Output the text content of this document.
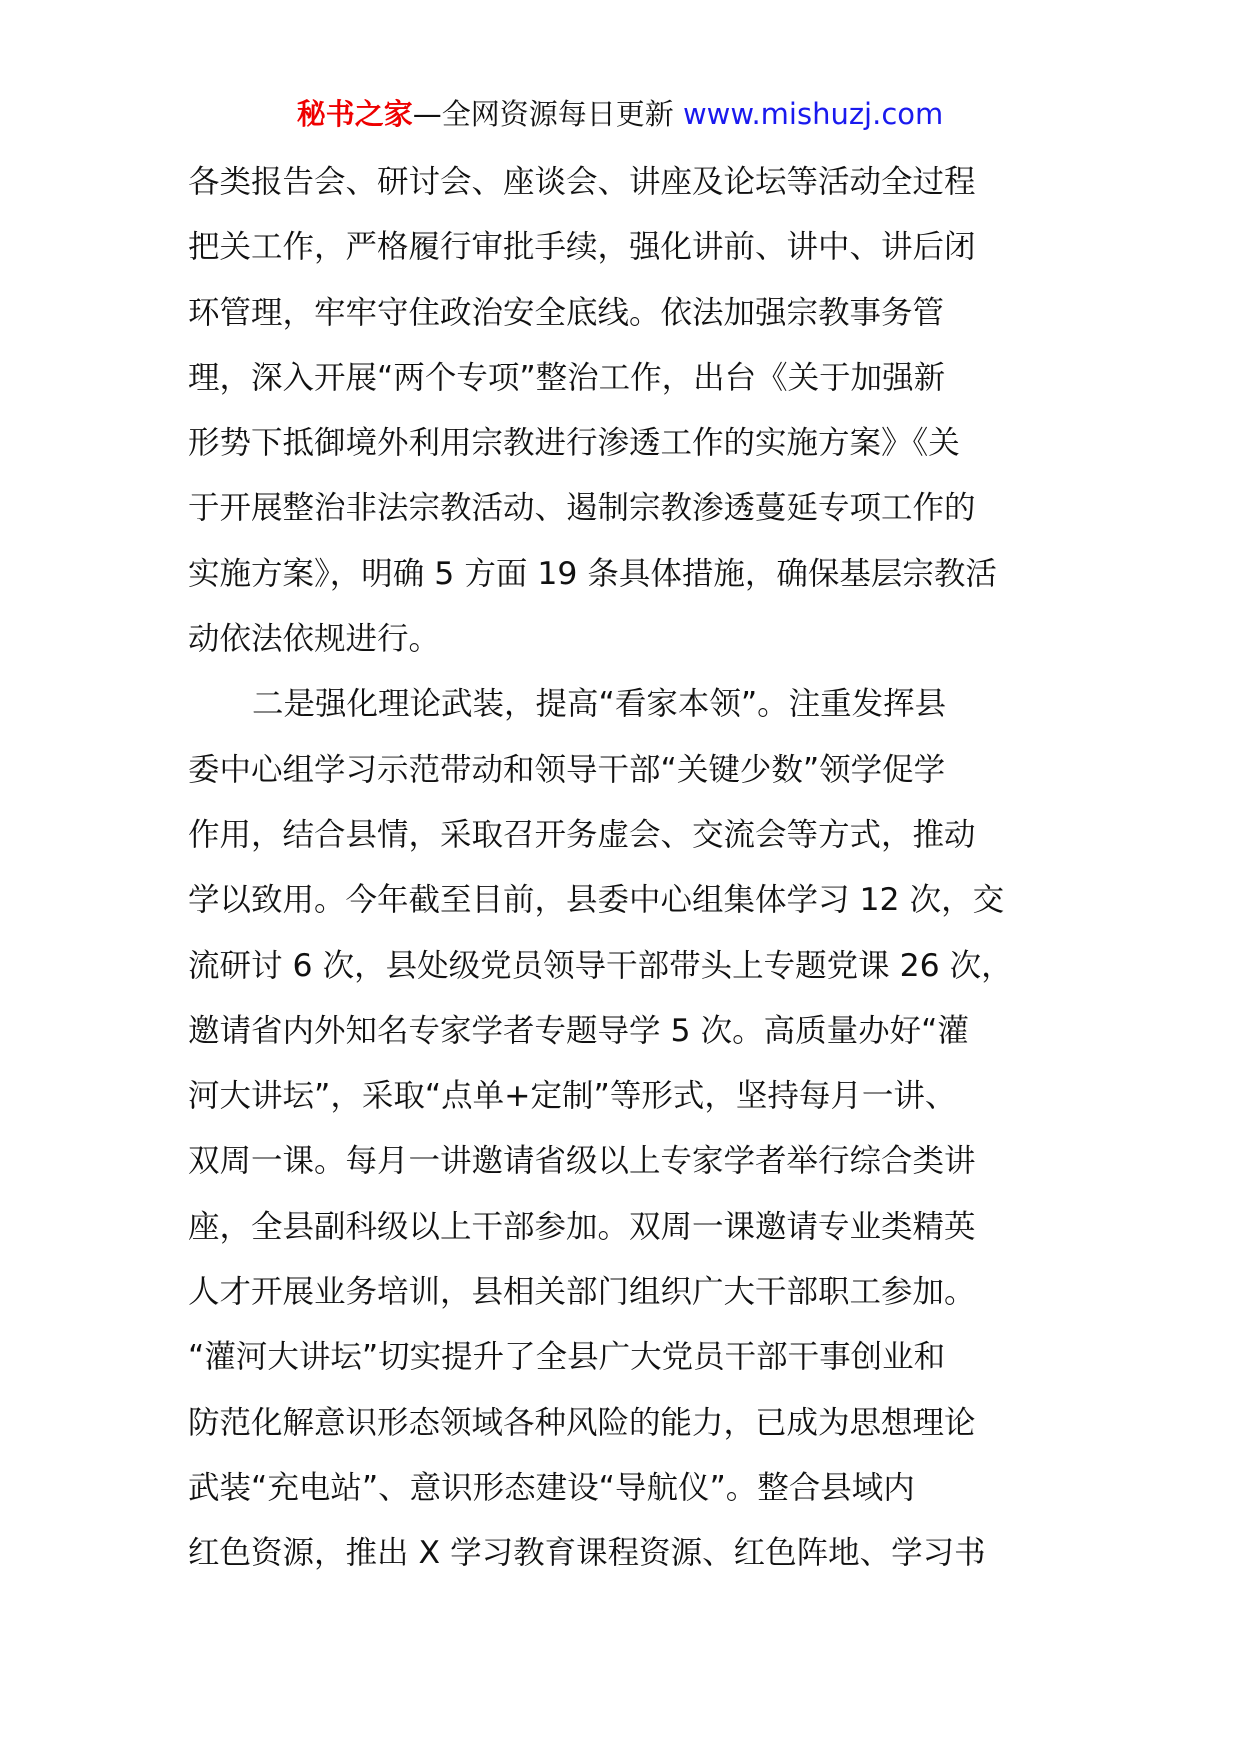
秘书之家—全网资源每日更新 www.mishuzj.com
各类报告会、研讨会、座谈会、讲座及论坛等活动全过程
把关工作，严格履行审批手续，强化讲前、讲中、讲后闭
环管理，牢牢守住政治安全底线。依法加强宗教事务管
理，深入开展“两个专项”整治工作，出台《关于加强新
形势下抵御境外利用宗教进行渗透工作的实施方案》《关
于开展整治非法宗教活动、遏制宗教渗透蔓延专项工作的
实施方案》，明确 5 方面 19 条具体措施，确保基层宗教活
动依法依规进行。
二是强化理论武装，提高“看家本领”。注重发挥县
委中心组学习示范带动和领导干部“关键少数”领学促学
作用，结合县情，采取召开务虚会、交流会等方式，推动
学以致用。今年截至目前，县委中心组集体学习 12 次，交
流研讨 6 次，县处级党员领导干部带头上专题党课 26 次，
邀请省内外知名专家学者专题导学 5 次。高质量办好“灌
河大讲坛”，采取“点单+定制”等形式，坚持每月一讲、
双周一课。每月一讲邀请省级以上专家学者举行综合类讲
座，全县副科级以上干部参加。双周一课邀请专业类精英
人才开展业务培训，县相关部门组织广大干部职工参加。
“灌河大讲坛”切实提升了全县广大党员干部干事创业和
防范化解意识形态领域各种风险的能力，已成为思想理论
武装“充电站”、意识形态建设“导航仪”。整合县域内
红色资源，推出 X 学习教育课程资源、红色阵地、学习书
